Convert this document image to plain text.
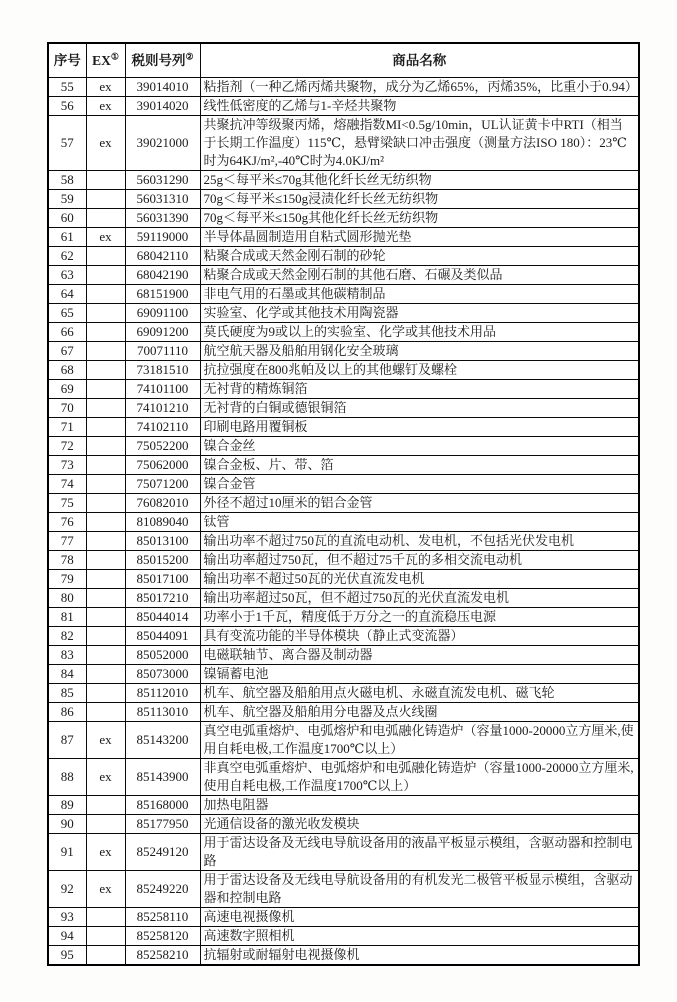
序号	EX①	税则号列②	商品名称
55	ex	39014010	粘指剂（一种乙烯丙烯共聚物，成分为乙烯65%，丙烯35%，比重小于0.94）
56	ex	39014020	线性低密度的乙烯与1-辛烃共聚物
57	ex	39021000	共聚抗冲等级聚丙烯，熔融指数MI<0.5g/10min，UL认证黄卡中RTI（相当于长期工作温度）115℃，悬臂梁缺口冲击强度（测量方法ISO 180）：23℃时为64KJ/m²,-40℃时为4.0KJ/m²
58		56031290	25g＜每平米≤70g其他化纤长丝无纺织物
59		56031310	70g＜每平米≤150g浸渍化纤长丝无纺织物
60		56031390	70g＜每平米≤150g其他化纤长丝无纺织物
61	ex	59119000	半导体晶圆制造用自粘式圆形抛光垫
62		68042110	粘聚合成或天然金刚石制的砂轮
63		68042190	粘聚合成或天然金刚石制的其他石磨、石碾及类似品
64		68151900	非电气用的石墨或其他碳精制品
65		69091100	实验室、化学或其他技术用陶瓷器
66		69091200	莫氏硬度为9或以上的实验室、化学或其他技术用品
67		70071110	航空航天器及船舶用钢化安全玻璃
68		73181510	抗拉强度在800兆帕及以上的其他螺钉及螺栓
69		74101100	无衬背的精炼铜箔
70		74101210	无衬背的白铜或德银铜箔
71		74102110	印刷电路用覆铜板
72		75052200	镍合金丝
73		75062000	镍合金板、片、带、箔
74		75071200	镍合金管
75		76082010	外径不超过10厘米的铝合金管
76		81089040	钛管
77		85013100	输出功率不超过750瓦的直流电动机、发电机，不包括光伏发电机
78		85015200	输出功率超过750瓦，但不超过75千瓦的多相交流电动机
79		85017100	输出功率不超过50瓦的光伏直流发电机
80		85017210	输出功率超过50瓦，但不超过750瓦的光伏直流发电机
81		85044014	功率小于1千瓦，精度低于万分之一的直流稳压电源
82		85044091	具有变流功能的半导体模块（静止式变流器）
83		85052000	电磁联轴节、离合器及制动器
84		85073000	镍镉蓄电池
85		85112010	机车、航空器及船舶用点火磁电机、永磁直流发电机、磁飞轮
86		85113010	机车、航空器及船舶用分电器及点火线圈
87	ex	85143200	真空电弧重熔炉、电弧熔炉和电弧融化铸造炉（容量1000-20000立方厘米,使用自耗电极,工作温度1700℃以上）
88	ex	85143900	非真空电弧重熔炉、电弧熔炉和电弧融化铸造炉（容量1000-20000立方厘米,使用自耗电极,工作温度1700℃以上）
89		85168000	加热电阻器
90		85177950	光通信设备的激光收发模块
91	ex	85249120	用于雷达设备及无线电导航设备用的液晶平板显示模组，含驱动器和控制电路
92	ex	85249220	用于雷达设备及无线电导航设备用的有机发光二极管平板显示模组，含驱动器和控制电路
93		85258110	高速电视摄像机
94		85258120	高速数字照相机
95		85258210	抗辐射或耐辐射电视摄像机
